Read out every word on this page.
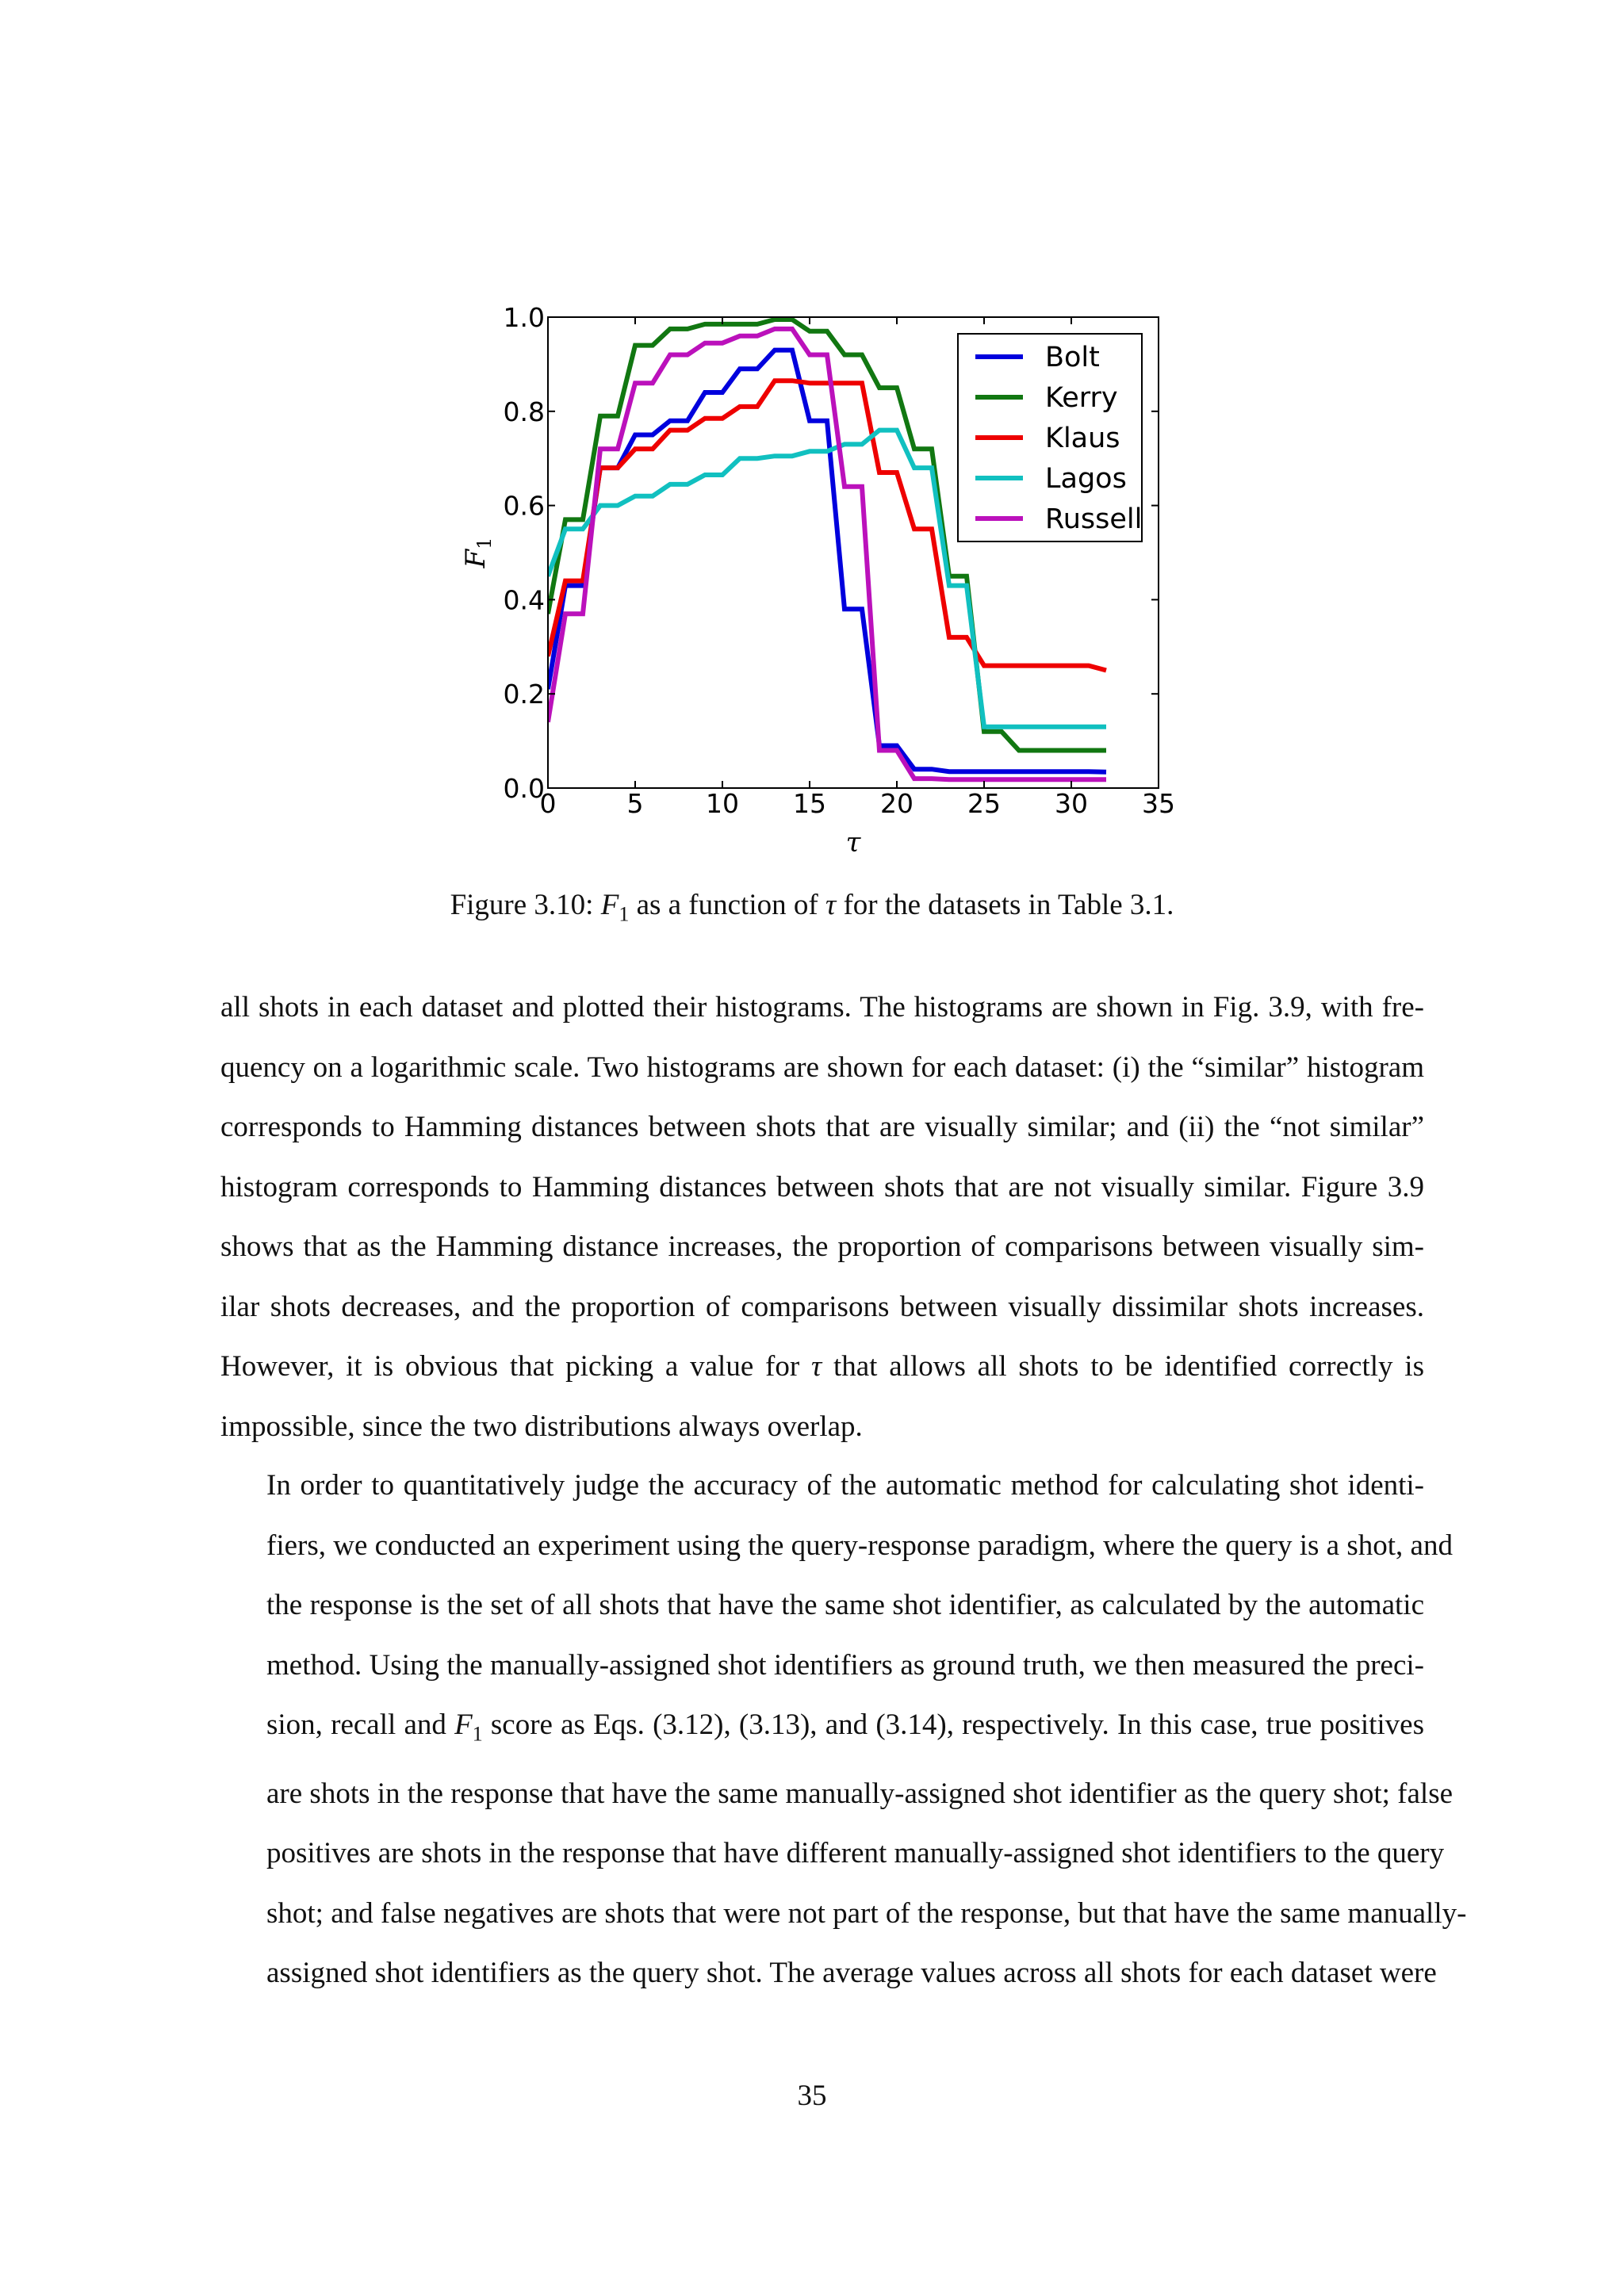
0	5 10 15 20 25 30 35
0.0
0.2
0.4
0.6
0.8
1.0
τ
$F_1$
Bolt
Kerry
Klaus
Lagos
Russell
Figure 3.10: $F_1$ as a function of τ for the datasets in Table 3.1.
all shots in each dataset and plotted their histograms. The histograms are shown in Fig. 3.9, with fre-
quency on a logarithmic scale. Two histograms are shown for each dataset: (i) the “similar” histogram
corresponds to Hamming distances between shots that are visually similar; and (ii) the “not similar”
histogram corresponds to Hamming distances between shots that are not visually similar. Figure 3.9
shows that as the Hamming distance increases, the proportion of comparisons between visually sim-
ilar shots decreases, and the proportion of comparisons between visually dissimilar shots increases.
However, it is obvious that picking a value for τ that allows all shots to be identified correctly is
impossible, since the two distributions always overlap.
In order to quantitatively judge the accuracy of the automatic method for calculating shot identi-
fiers, we conducted an experiment using the query-response paradigm, where the query is a shot, and
the response is the set of all shots that have the same shot identifier, as calculated by the automatic
method. Using the manually-assigned shot identifiers as ground truth, we then measured the preci-
sion, recall and $F_1$ score as Eqs. (3.12), (3.13), and (3.14), respectively. In this case, true positives
are shots in the response that have the same manually-assigned shot identifier as the query shot; false
positives are shots in the response that have different manually-assigned shot identifiers to the query
shot; and false negatives are shots that were not part of the response, but that have the same manually-
assigned shot identifiers as the query shot. The average values across all shots for each dataset were
35
